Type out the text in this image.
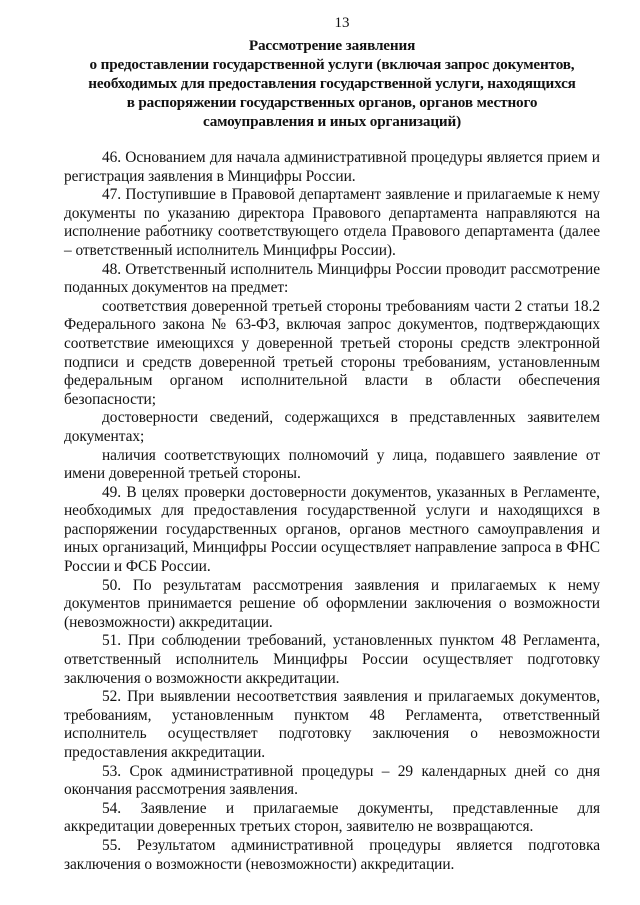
13
Рассмотрение заявления
о предоставлении государственной услуги (включая запрос документов,
необходимых для предоставления государственной услуги, находящихся
в распоряжении государственных органов, органов местного
самоуправления и иных организаций)

46. Основанием для начала административной процедуры является прием и регистрация заявления в Минцифры России.

47. Поступившие в Правовой департамент заявление и прилагаемые к нему документы по указанию директора Правового департамента направляются на исполнение работнику соответствующего отдела Правового департамента (далее – ответственный исполнитель Минцифры России).

48. Ответственный исполнитель Минцифры России проводит рассмотрение поданных документов на предмет:

соответствия доверенной третьей стороны требованиям части 2 статьи 18.2 Федерального закона № 63-ФЗ, включая запрос документов, подтверждающих соответствие имеющихся у доверенной третьей стороны средств электронной подписи и средств доверенной третьей стороны требованиям, установленным федеральным органом исполнительной власти в области обеспечения безопасности;

достоверности сведений, содержащихся в представленных заявителем документах;

наличия соответствующих полномочий у лица, подавшего заявление от имени доверенной третьей стороны.

49. В целях проверки достоверности документов, указанных в Регламенте, необходимых для предоставления государственной услуги и находящихся в распоряжении государственных органов, органов местного самоуправления и иных организаций, Минцифры России осуществляет направление запроса в ФНС России и ФСБ России.

50. По результатам рассмотрения заявления и прилагаемых к нему документов принимается решение об оформлении заключения о возможности (невозможности) аккредитации.

51. При соблюдении требований, установленных пунктом 48 Регламента, ответственный исполнитель Минцифры России осуществляет подготовку заключения о возможности аккредитации.

52. При выявлении несоответствия заявления и прилагаемых документов, требованиям, установленным пунктом 48 Регламента, ответственный исполнитель осуществляет подготовку заключения о невозможности предоставления аккредитации.

53. Срок административной процедуры – 29 календарных дней со дня окончания рассмотрения заявления.

54. Заявление и прилагаемые документы, представленные для аккредитации доверенных третьих сторон, заявителю не возвращаются.

55. Результатом административной процедуры является подготовка заключения о возможности (невозможности) аккредитации.
